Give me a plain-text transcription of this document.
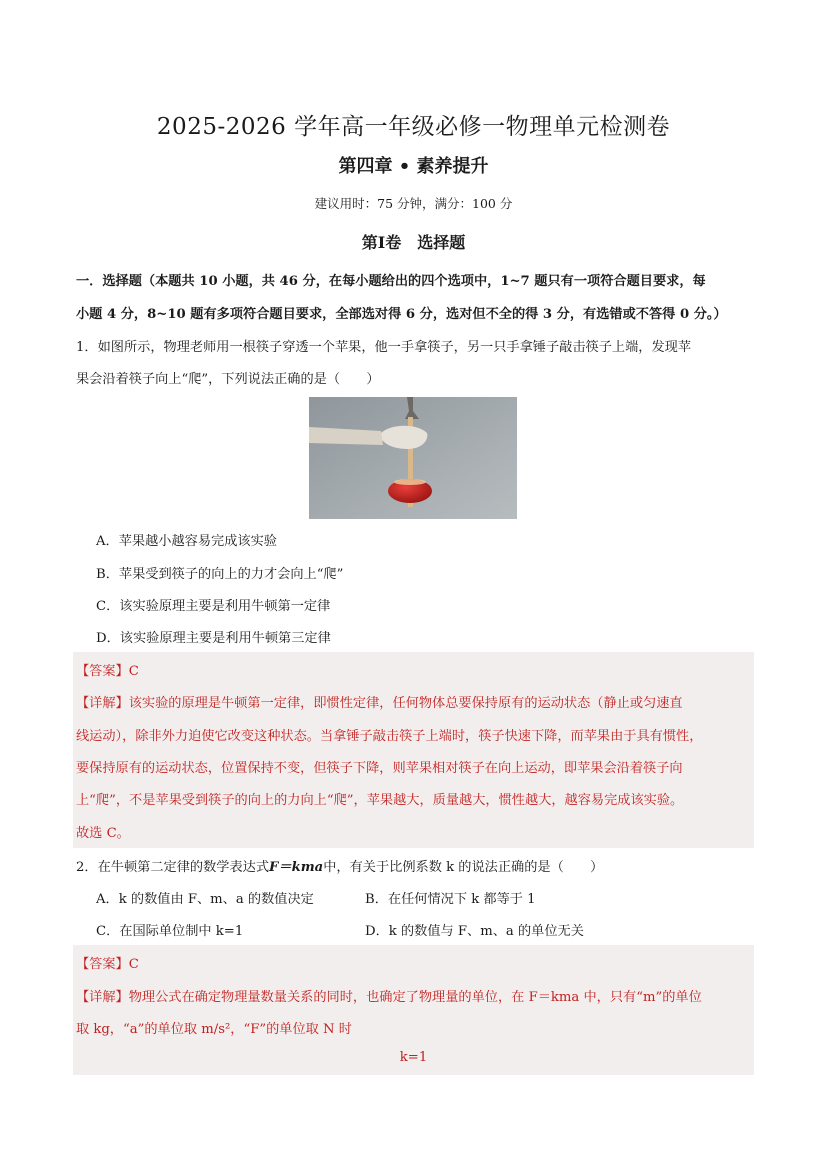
2025-2026 学年高一年级必修一物理单元检测卷
第四章 • 素养提升
建议用时：75 分钟，满分：100 分
第I卷　选择题
一．选择题（本题共 10 小题，共 46 分，在每小题给出的四个选项中，1~7 题只有一项符合题目要求，每
小题 4 分，8~10 题有多项符合题目要求，全部选对得 6 分，选对但不全的得 3 分，有选错或不答得 0 分。）
1．如图所示，物理老师用一根筷子穿透一个苹果，他一手拿筷子，另一只手拿锤子敲击筷子上端，发现苹
果会沿着筷子向上“爬”，下列说法正确的是（　　）
A．苹果越小越容易完成该实验
B．苹果受到筷子的向上的力才会向上“爬”
C．该实验原理主要是利用牛顿第一定律
D．该实验原理主要是利用牛顿第三定律
【答案】C
【详解】该实验的原理是牛顿第一定律，即惯性定律，任何物体总要保持原有的运动状态（静止或匀速直
线运动），除非外力迫使它改变这种状态。当拿锤子敲击筷子上端时，筷子快速下降，而苹果由于具有惯性，
要保持原有的运动状态，位置保持不变，但筷子下降，则苹果相对筷子在向上运动，即苹果会沿着筷子向
上“爬”，不是苹果受到筷子的向上的力向上“爬”，苹果越大，质量越大，惯性越大，越容易完成该实验。
故选 C。
2．在牛顿第二定律的数学表达式F＝kma中，有关于比例系数 k 的说法正确的是（　　）
A．k 的数值由 F、m、a 的数值决定	B．在任何情况下 k 都等于 1
C．在国际单位制中 k=1	D．k 的数值与 F、m、a 的单位无关
【答案】C
【详解】物理公式在确定物理量数量关系的同时，也确定了物理量的单位，在 F＝kma 中，只有“m”的单位
取 kg，“a”的单位取 m/s²，“F”的单位取 N 时
k=1
